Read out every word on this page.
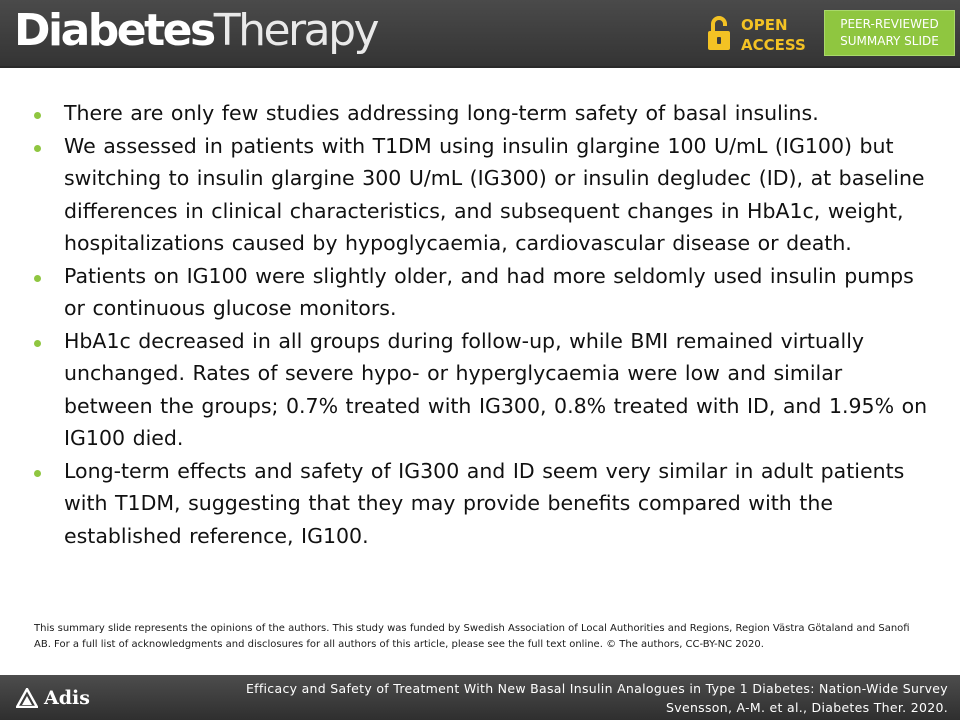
DiabetesTherapy	OPEN
ACCESS
PEER-REVIEWED
SUMMARY SLIDE
There are only few studies addressing long-term safety of basal insulins.
We assessed in patients with T1DM using insulin glargine 100 U/mL (IG100) but switching to insulin glargine 300 U/mL (IG300) or insulin degludec (ID), at baseline differences in clinical characteristics, and subsequent changes in HbA1c, weight, hospitalizations caused by hypoglycaemia, cardiovascular disease or death.
Patients on IG100 were slightly older, and had more seldomly used insulin pumps or continuous glucose monitors.
HbA1c decreased in all groups during follow-up, while BMI remained virtually unchanged. Rates of severe hypo- or hyperglycaemia were low and similar between the groups; 0.7% treated with IG300, 0.8% treated with ID, and 1.95% on IG100 died.
Long-term effects and safety of IG300 and ID seem very similar in adult patients with T1DM, suggesting that they may provide benefits compared with the established reference, IG100.
This summary slide represents the opinions of the authors. This study was funded by Swedish Association of Local Authorities and Regions, Region Västra Götaland and Sanofi AB. For a full list of acknowledgments and disclosures for all authors of this article, please see the full text online. © The authors, CC-BY-NC 2020.
Adis	Efficacy and Safety of Treatment With New Basal Insulin Analogues in Type 1 Diabetes: Nation-Wide Survey
Svensson, A-M. et al., Diabetes Ther. 2020.
